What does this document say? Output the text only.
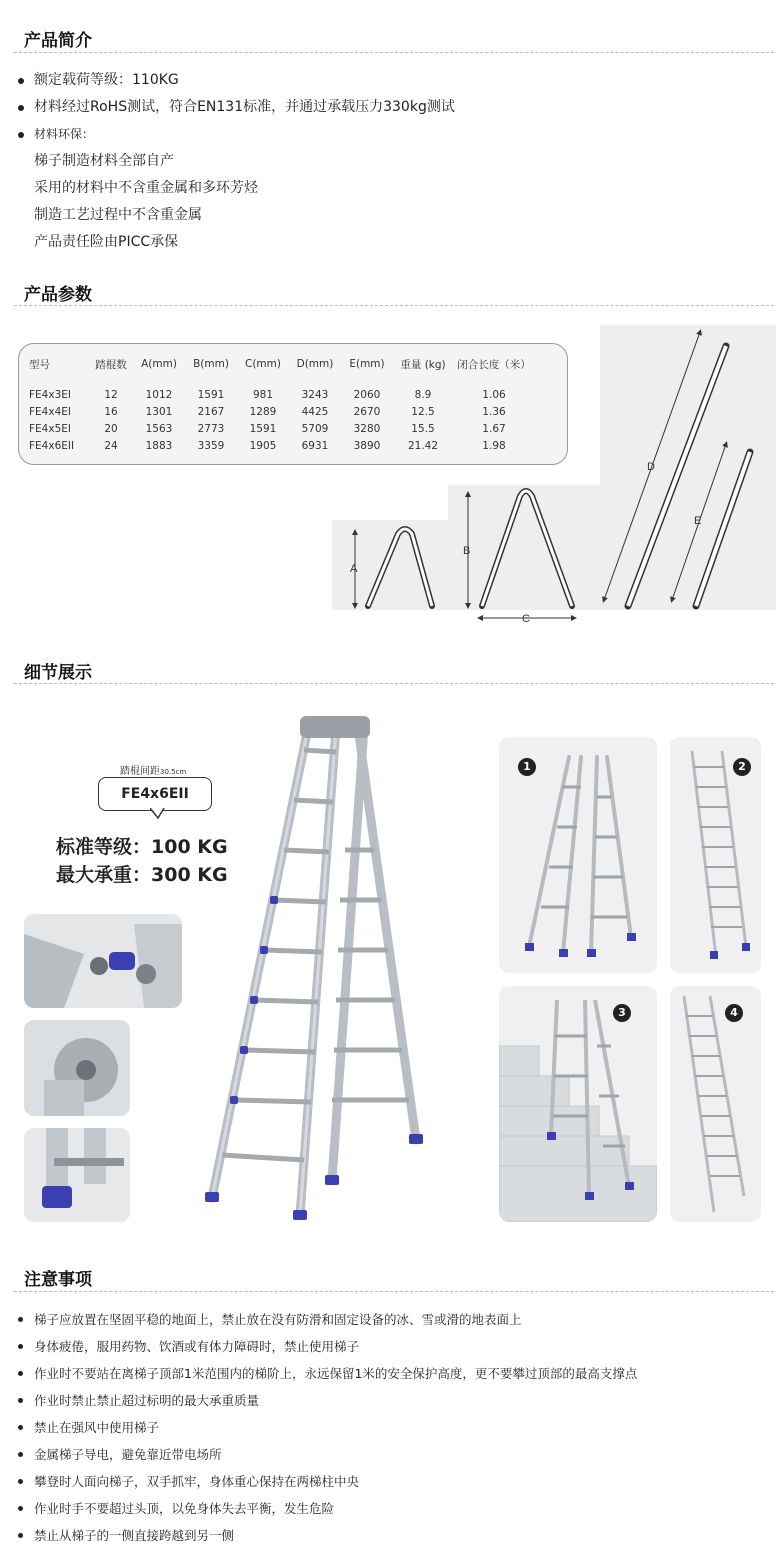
产品简介
额定载荷等级：110KG
材料经过RoHS测试，符合EN131标准，并通过承载压力330kg测试
材料环保：
梯子制造材料全部自产
采用的材料中不含重金属和多环芳烃
制造工艺过程中不含重金属
产品责任险由PICC承保
产品参数
型号	踏棍数	A(mm)	B(mm)	C(mm)	D(mm)	E(mm)	重量 (kg)	闭合长度（米）

FE4x3EI	12	1012	1591	981	3243	2060	8.9	1.06
FE4x4EI	16	1301	2167	1289	4425	2670	12.5	1.36
FE4x5EI	20	1563	2773	1591	5709	3280	15.5	1.67
FE4x6EII	24	1883	3359	1905	6931	3890	21.42	1.98
A
B
C
D
E
细节展示
踏棍间距30.5cm
FE4x6EII
标准等级：100 KG
最大承重：300 KG
1	2
3	4
注意事项
梯子应放置在坚固平稳的地面上，禁止放在没有防滑和固定设备的冰、雪或滑的地表面上
身体疲倦，服用药物、饮酒或有体力障碍时，禁止使用梯子
作业时不要站在离梯子顶部1米范围内的梯阶上，永远保留1米的安全保护高度，更不要攀过顶部的最高支撑点
作业时禁止禁止超过标明的最大承重质量
禁止在强风中使用梯子
金属梯子导电，避免靠近带电场所
攀登时人面向梯子，双手抓牢，身体重心保持在两梯柱中央
作业时手不要超过头顶，以免身体失去平衡，发生危险
禁止从梯子的一侧直接跨越到另一侧
